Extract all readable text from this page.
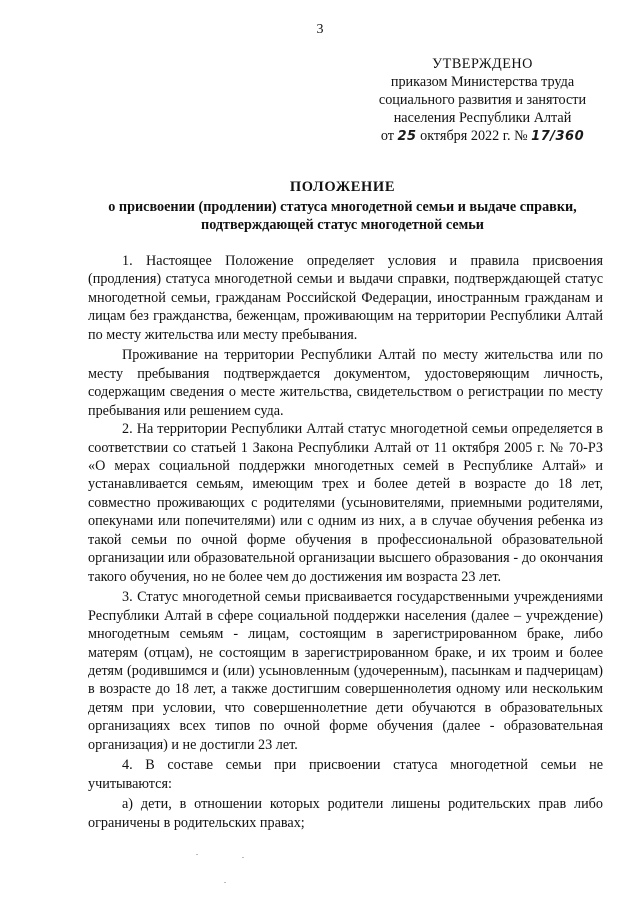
3
УТВЕРЖДЕНО
приказом Министерства труда
социального развития и занятости
населения Республики Алтай
от 25 октября 2022 г. № 17/360
ПОЛОЖЕНИЕ
о присвоении (продлении) статуса многодетной семьи и выдаче справки,
подтверждающей статус многодетной семьи

1. Настоящее Положение определяет условия и правила присвоения (продления) статуса многодетной семьи и выдачи справки, подтверждающей статус многодетной семьи, гражданам Российской Федерации, иностранным гражданам и лицам без гражданства, беженцам, проживающим на территории Республики Алтай по месту жительства или месту пребывания.

Проживание на территории Республики Алтай по месту жительства или по месту пребывания подтверждается документом, удостоверяющим личность, содержащим сведения о месте жительства, свидетельством о регистрации по месту пребывания или решением суда.

2. На территории Республики Алтай статус многодетной семьи определяется в соответствии со статьей 1 Закона Республики Алтай от 11 октября 2005 г. № 70-РЗ «О мерах социальной поддержки многодетных семей в Республике Алтай» и устанавливается семьям, имеющим трех и более детей в возрасте до 18 лет, совместно проживающих с родителями (усыновителями, приемными родителями, опекунами или попечителями) или с одним из них, а в случае обучения ребенка из такой семьи по очной форме обучения в профессиональной образовательной организации или образовательной организации высшего образования - до окончания такого обучения, но не более чем до достижения им возраста 23 лет.

3. Статус многодетной семьи присваивается государственными учреждениями Республики Алтай в сфере социальной поддержки населения (далее – учреждение) многодетным семьям - лицам, состоящим в зарегистрированном браке, либо матерям (отцам), не состоящим в зарегистрированном браке, и их троим и более детям (родившимся и (или) усыновленным (удочеренным), пасынкам и падчерицам) в возрасте до 18 лет, а также достигшим совершеннолетия одному или нескольким детям при условии, что совершеннолетние дети обучаются в образовательных организациях всех типов по очной форме обучения (далее - образовательная организация) и не достигли 23 лет.

4. В составе семьи при присвоении статуса многодетной семьи не учитываются:

а) дети, в отношении которых родители лишены родительских прав либо ограничены в родительских правах;
